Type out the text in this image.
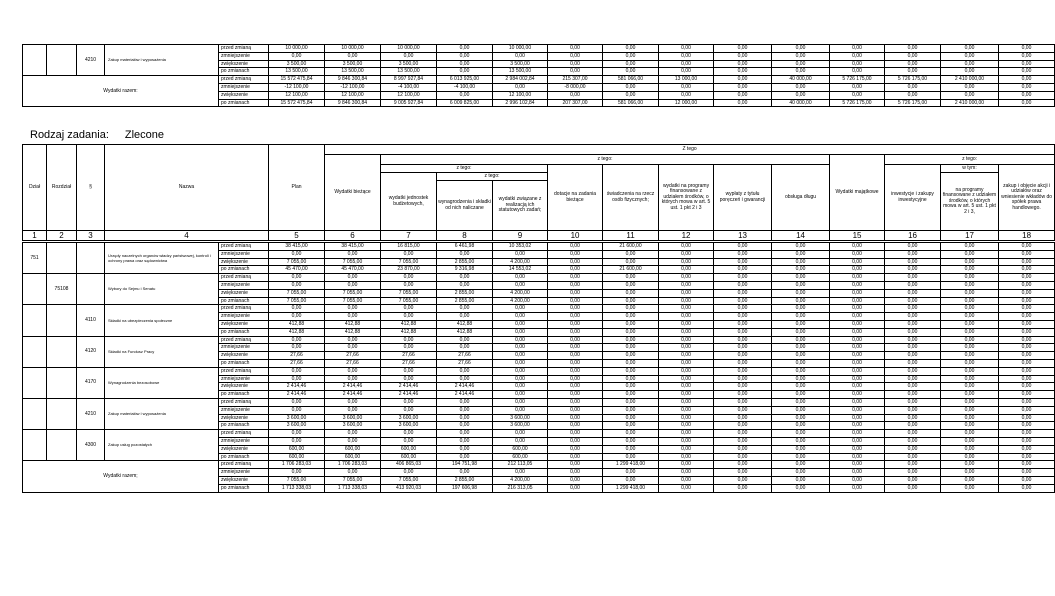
		4210	Zakup materiałów i wyposażenia	przed zmianą	10 000,00	10 000,00	10 000,00	0,00	10 000,00	0,00	0,00	0,00	0,00	0,00	0,00	0,00	0,00	0,00
				zmniejszenie	0,00	0,00	0,00	0,00	0,00	0,00	0,00	0,00	0,00	0,00	0,00	0,00	0,00	0,00
				zwiększenie	3 500,00	3 500,00	3 500,00	0,00	3 500,00	0,00	0,00	0,00	0,00	0,00	0,00	0,00	0,00	0,00
				po zmianach	13 500,00	13 500,00	13 500,00	0,00	13 500,00	0,00	0,00	0,00	0,00	0,00	0,00	0,00	0,00	0,00
Wydatki razem:				przed zmianą	15 572 475,84	9 846 300,84	8 997 927,84	6 013 925,00	2 984 002,84	215 307,00	581 066,00	13 000,00	0,00	40 000,00	5 726 175,00	5 726 175,00	2 410 000,00	0,00
				zmniejszenie	-12 100,00	-12 100,00	-4 100,00	-4 100,00	0,00	-8 000,00	0,00	0,00	0,00	0,00	0,00	0,00	0,00	0,00
				zwiększenie	12 100,00	12 100,00	12 100,00	0,00	12 100,00	0,00	0,00	0,00	0,00	0,00	0,00	0,00	0,00	0,00
				po zmianach	15 572 475,84	9 846 300,84	9 005 927,84	6 009 825,00	2 996 102,84	207 307,00	581 066,00	12 000,00	0,00	40 000,00	5 726 175,00	5 726 175,00	2 410 000,00	0,00
Rodzaj zadania: Zlecone
Dział	Rozdział	§	Nazwa	Plan	Z tego												
					Wydatki bieżące	z tego:								Wydatki majątkowe	z tego:		
						z tego:			dotacje na zadania bieżące	świadczenia na rzecz osób fizycznych;	wydatki na programy finansowane z udziałem środków, o których mowa w art. 5 ust. 1 pkt 2 i 3	wypłaty z tytułu poręczeń i gwarancji	obsługa długu		inwestycje i zakupy inwestycyjne	w tym:	zakup i objęcie akcji i udziałów oraz wniesienie wkładów do spółek prawa handlowego.
						wydatki jednostek budżetowych,	z tego:									na programy finansowane z udziałem środków, o których mowa w art. 5 ust. 1 pkt 2 i 3,	
							wynagrodzenia i składki od nich naliczane	wydatki związane z realizacją ich statutowych zadań;									
1	2	3	4	5	6	7	8	9	10	11	12	13	14	15	16	17	18
751			Urzędy naczelnych organów władzy państwowej, kontroli i ochrony prawa oraz sądownictwa	przed zmianą	38 415,00	38 415,00	16 815,00	6 461,98	10 353,02	0,00	21 600,00	0,00	0,00	0,00	0,00	0,00	0,00	0,00
				zmniejszenie	0,00	0,00	0,00	0,00	0,00	0,00	0,00	0,00	0,00	0,00	0,00	0,00	0,00	0,00
				zwiększenie	7 055,00	7 055,00	7 055,00	2 855,00	4 200,00	0,00	0,00	0,00	0,00	0,00	0,00	0,00	0,00	0,00
				po zmianach	45 470,00	45 470,00	23 870,00	9 316,98	14 553,02	0,00	21 600,00	0,00	0,00	0,00	0,00	0,00	0,00	0,00
	75108		Wybory do Sejmu i Senatu	przed zmianą	0,00	0,00	0,00	0,00	0,00	0,00	0,00	0,00	0,00	0,00	0,00	0,00	0,00	0,00
				zmniejszenie	0,00	0,00	0,00	0,00	0,00	0,00	0,00	0,00	0,00	0,00	0,00	0,00	0,00	0,00
				zwiększenie	7 055,00	7 055,00	7 055,00	2 855,00	4 200,00	0,00	0,00	0,00	0,00	0,00	0,00	0,00	0,00	0,00
				po zmianach	7 055,00	7 055,00	7 055,00	2 855,00	4 200,00	0,00	0,00	0,00	0,00	0,00	0,00	0,00	0,00	0,00
		4110	Składki na ubezpieczenia społeczne	przed zmianą	0,00	0,00	0,00	0,00	0,00	0,00	0,00	0,00	0,00	0,00	0,00	0,00	0,00	0,00
				zmniejszenie	0,00	0,00	0,00	0,00	0,00	0,00	0,00	0,00	0,00	0,00	0,00	0,00	0,00	0,00
				zwiększenie	412,88	412,88	412,88	412,88	0,00	0,00	0,00	0,00	0,00	0,00	0,00	0,00	0,00	0,00
				po zmianach	412,88	412,88	412,88	412,88	0,00	0,00	0,00	0,00	0,00	0,00	0,00	0,00	0,00	0,00
		4120	Składki na Fundusz Pracy	przed zmianą	0,00	0,00	0,00	0,00	0,00	0,00	0,00	0,00	0,00	0,00	0,00	0,00	0,00	0,00
				zmniejszenie	0,00	0,00	0,00	0,00	0,00	0,00	0,00	0,00	0,00	0,00	0,00	0,00	0,00	0,00
				zwiększenie	27,66	27,66	27,66	27,66	0,00	0,00	0,00	0,00	0,00	0,00	0,00	0,00	0,00	0,00
				po zmianach	27,66	27,66	27,66	27,66	0,00	0,00	0,00	0,00	0,00	0,00	0,00	0,00	0,00	0,00
		4170	Wynagrodzenia bezosobowe	przed zmianą	0,00	0,00	0,00	0,00	0,00	0,00	0,00	0,00	0,00	0,00	0,00	0,00	0,00	0,00
				zmniejszenie	0,00	0,00	0,00	0,00	0,00	0,00	0,00	0,00	0,00	0,00	0,00	0,00	0,00	0,00
				zwiększenie	2 414,46	2 414,46	2 414,46	2 414,46	0,00	0,00	0,00	0,00	0,00	0,00	0,00	0,00	0,00	0,00
				po zmianach	2 414,46	2 414,46	2 414,46	2 414,46	0,00	0,00	0,00	0,00	0,00	0,00	0,00	0,00	0,00	0,00
		4210	Zakup materiałów i wyposażenia	przed zmianą	0,00	0,00	0,00	0,00	0,00	0,00	0,00	0,00	0,00	0,00	0,00	0,00	0,00	0,00
				zmniejszenie	0,00	0,00	0,00	0,00	0,00	0,00	0,00	0,00	0,00	0,00	0,00	0,00	0,00	0,00
				zwiększenie	3 600,00	3 600,00	3 600,00	0,00	3 600,00	0,00	0,00	0,00	0,00	0,00	0,00	0,00	0,00	0,00
				po zmianach	3 600,00	3 600,00	3 600,00	0,00	3 600,00	0,00	0,00	0,00	0,00	0,00	0,00	0,00	0,00	0,00
		4300	Zakup usług pozostałych	przed zmianą	0,00	0,00	0,00	0,00	0,00	0,00	0,00	0,00	0,00	0,00	0,00	0,00	0,00	0,00
				zmniejszenie	0,00	0,00	0,00	0,00	0,00	0,00	0,00	0,00	0,00	0,00	0,00	0,00	0,00	0,00
				zwiększenie	600,00	600,00	600,00	0,00	600,00	0,00	0,00	0,00	0,00	0,00	0,00	0,00	0,00	0,00
				po zmianach	600,00	600,00	600,00	0,00	600,00	0,00	0,00	0,00	0,00	0,00	0,00	0,00	0,00	0,00
Wydatki razem;				przed zmianą	1 706 283,03	1 706 283,03	406 865,03	194 751,98	212 113,05	0,00	1 299 418,00	0,00	0,00	0,00	0,00	0,00	0,00	0,00
				zmniejszenie	0,00	0,00	0,00	0,00	0,00	0,00	0,00	0,00	0,00	0,00	0,00	0,00	0,00	0,00
				zwiększenie	7 055,00	7 055,00	7 055,00	2 855,00	4 200,00	0,00	0,00	0,00	0,00	0,00	0,00	0,00	0,00	0,00
				po zmianach	1 713 338,03	1 713 338,03	413 920,03	197 606,98	216 313,05	0,00	1 299 418,00	0,00	0,00	0,00	0,00	0,00	0,00	0,00
